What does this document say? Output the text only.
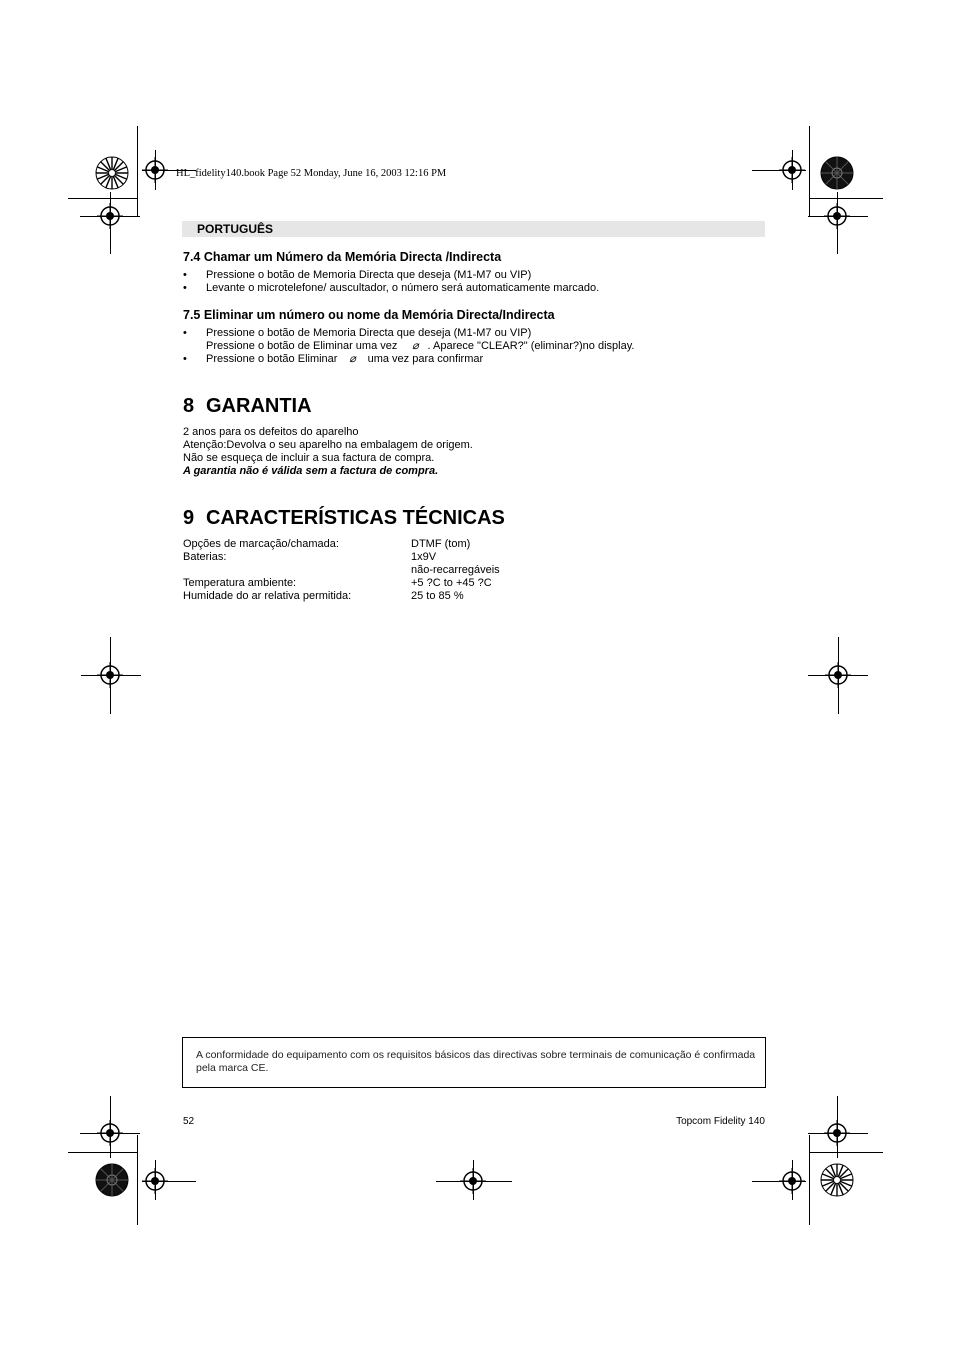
HL_fidelity140.book Page 52 Monday, June 16, 2003 12:16 PM
PORTUGUÊS
7.4 Chamar um Número da Memória Directa /Indirecta
•	Pressione o botão de Memoria Directa que deseja (M1-M7 ou VIP)
•	Levante o microtelefone/ auscultador, o número será automaticamente marcado.
7.5 Eliminar um número ou nome da Memória Directa/Indirecta
•	Pressione o botão de Memoria Directa que deseja (M1-M7 ou VIP)
Pressione o botão de Eliminar uma vez ⌀ . Aparece "CLEAR?" (eliminar?)no display.
•	Pressione o botão Eliminar ⌀ uma vez para confirmar
8 GARANTIA
2 anos para os defeitos do aparelho
Atenção:Devolva o seu aparelho na embalagem de origem.
Não se esqueça de incluir a sua factura de compra.
A garantia não é válida sem a factura de compra.
9 CARACTERÍSTICAS TÉCNICAS
Opções de marcação/chamada:	DTMF (tom)
Baterias:	1x9V
não-recarregáveis
Temperatura ambiente:	+5 ?C to +45 ?C
Humidade do ar relativa permitida:	25 to 85 %
A conformidade do equipamento com os requisitos básicos das directivas sobre terminais de comunicação é confirmada pela marca CE.
52	Topcom Fidelity 140
